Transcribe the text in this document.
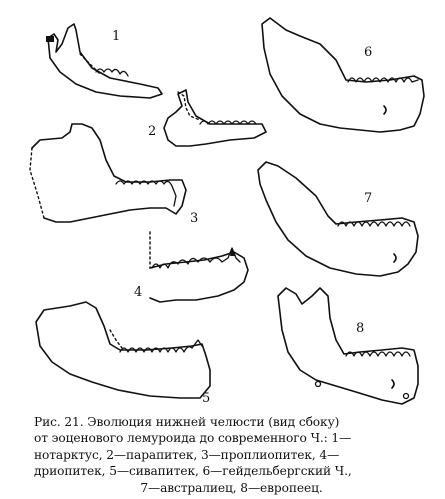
1
2
3
4
5
6
7
8
Рис. 21. Эволюция нижней челюсти (вид сбоку)
от эоценового лемуроида до современного Ч.: 1—
нотарктус, 2—парапитек, 3—проплиопитек, 4—
дриопитек, 5—сивапитек, 6—гейдельбергский Ч.,
7—австралиец, 8—европеец.
